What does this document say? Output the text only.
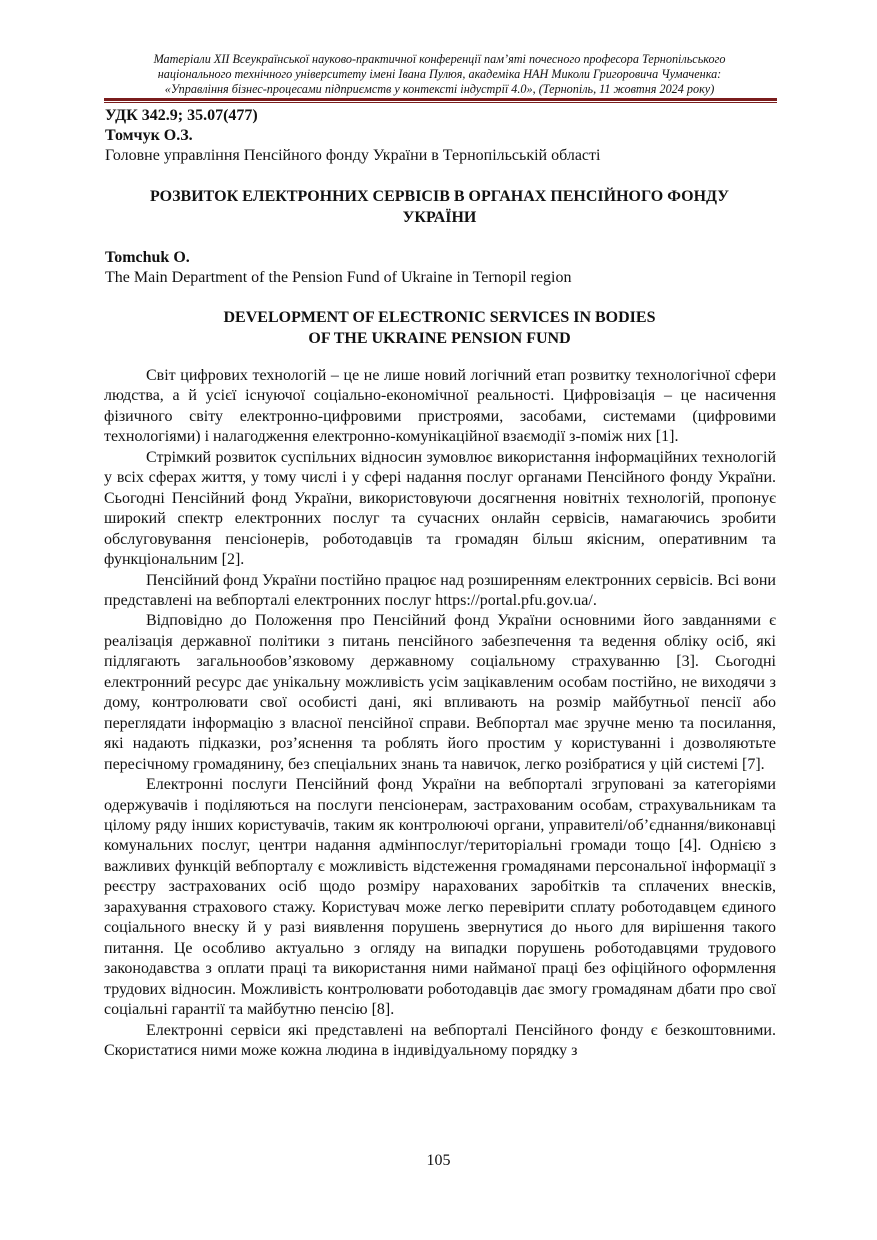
Матеріали XII Всеукраїнської науково-практичної конференції пам’яті почесного професора Тернопільського
національного технічного університету імені Івана Пулюя, академіка НАН Миколи Григоровича Чумаченка:
«Управління бізнес-процесами підприємств у контексті індустрії 4.0», (Тернопіль, 11 жовтня 2024 року)
УДК 342.9; 35.07(477)
Томчук О.З.
Головне управління Пенсійного фонду України в Тернопільській області
РОЗВИТОК ЕЛЕКТРОННИХ СЕРВІСІВ В ОРГАНАХ ПЕНСІЙНОГО ФОНДУ
УКРАЇНИ
Tomchuk O.
The Main Department of the Pension Fund of Ukraine in Ternopil region
DEVELOPMENT OF ELECTRONIC SERVICES IN BODIES
OF THE UKRAINE PENSION FUND

Світ цифрових технологій – це не лише новий логічний етап розвитку технологічної сфери людства, а й усієї існуючої соціально-економічної реальності. Цифровізація – це насичення фізичного світу електронно-цифровими пристроями, засобами, системами (цифровими технологіями) і налагодження електронно-комунікаційної взаємодії з-поміж них [1].

Стрімкий розвиток суспільних відносин зумовлює використання інформаційних технологій у всіх сферах життя, у тому числі і у сфері надання послуг органами Пенсійного фонду України. Сьогодні Пенсійний фонд України, використовуючи досягнення новітніх технологій, пропонує широкий спектр електронних послуг та сучасних онлайн сервісів, намагаючись зробити обслуговування пенсіонерів, роботодавців та громадян більш якісним, оперативним та функціональним [2].

Пенсійний фонд України постійно працює над розширенням електронних сервісів. Всі вони представлені на вебпорталі електронних послуг https://portal.pfu.gov.ua/.

Відповідно до Положення про Пенсійний фонд України основними його завданнями є реалізація державної політики з питань пенсійного забезпечення та ведення обліку осіб, які підлягають загальнообов’язковому державному соціальному страхуванню [3]. Сьогодні електронний ресурс дає унікальну можливість усім зацікавленим особам постійно, не виходячи з дому, контролювати свої особисті дані, які впливають на розмір майбутньої пенсії або переглядати інформацію з власної пенсійної справи. Вебпортал має зручне меню та посилання, які надають підказки, роз’яснення та роблять його простим у користуванні і дозволяютьте пересічному громадянину, без спеціальних знань та навичок, легко розібратися у цій системі [7].

Електронні послуги Пенсійний фонд України на вебпорталі згруповані за категоріями одержувачів і поділяються на послуги пенсіонерам, застрахованим особам, страхувальникам та цілому ряду інших користувачів, таким як контролюючі органи, управителі/об’єднання/виконавці комунальних послуг, центри надання адмінпослуг/територіальні громади тощо [4]. Однією з важливих функцій вебпорталу є можливість відстеження громадянами персональної інформації з реєстру застрахованих осіб щодо розміру нарахованих заробітків та сплачених внесків, зарахування страхового стажу. Користувач може легко перевірити сплату роботодавцем єдиного соціального внеску й у разі виявлення порушень звернутися до нього для вирішення такого питання. Це особливо актуально з огляду на випадки порушень роботодавцями трудового законодавства з оплати праці та використання ними найманої праці без офіційного оформлення трудових відносин. Можливість контролювати роботодавців дає змогу громадянам дбати про свої соціальні гарантії та майбутню пенсію [8].

Електронні сервіси які представлені на вебпорталі Пенсійного фонду є безкоштовними. Скористатися ними може кожна людина в індивідуальному порядку з

105
